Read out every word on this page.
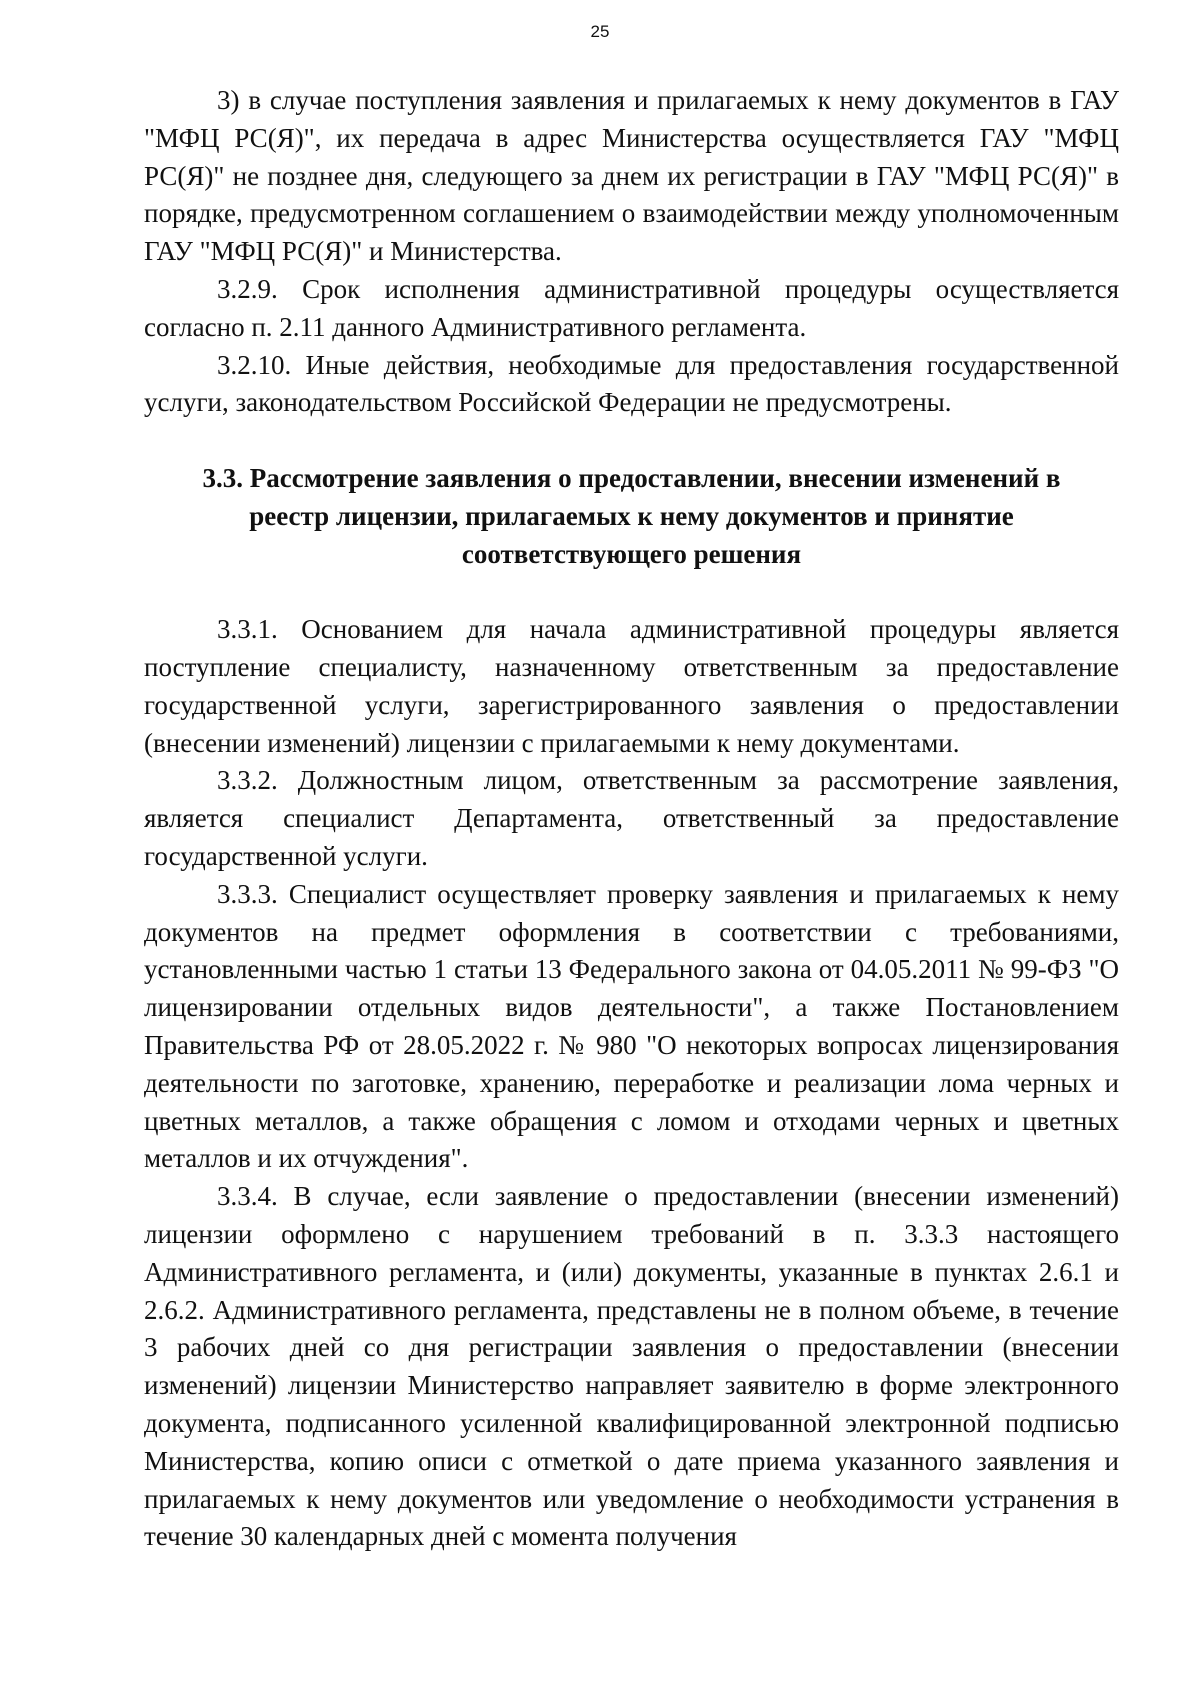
25

3) в случае поступления заявления и прилагаемых к нему документов в ГАУ "МФЦ РС(Я)", их передача в адрес Министерства осуществляется ГАУ "МФЦ РС(Я)" не позднее дня, следующего за днем их регистрации в ГАУ "МФЦ РС(Я)" в порядке, предусмотренном соглашением о взаимодействии между уполномоченным ГАУ "МФЦ РС(Я)" и Министерства.

3.2.9. Срок исполнения административной процедуры осуществляется согласно п. 2.11 данного Административного регламента.

3.2.10. Иные действия, необходимые для предоставления государственной услуги, законодательством Российской Федерации не предусмотрены.

3.3. Рассмотрение заявления о предоставлении, внесении изменений в реестр лицензии, прилагаемых к нему документов и принятие соответствующего решения

3.3.1. Основанием для начала административной процедуры является поступление специалисту, назначенному ответственным за предоставление государственной услуги, зарегистрированного заявления о предоставлении (внесении изменений) лицензии с прилагаемыми к нему документами.

3.3.2. Должностным лицом, ответственным за рассмотрение заявления, является специалист Департамента, ответственный за предоставление государственной услуги.

3.3.3. Специалист осуществляет проверку заявления и прилагаемых к нему документов на предмет оформления в соответствии с требованиями, установленными частью 1 статьи 13 Федерального закона от 04.05.2011 № 99-ФЗ "О лицензировании отдельных видов деятельности", а также Постановлением Правительства РФ от 28.05.2022 г. № 980 "О некоторых вопросах лицензирования деятельности по заготовке, хранению, переработке и реализации лома черных и цветных металлов, а также обращения с ломом и отходами черных и цветных металлов и их отчуждения".

3.3.4. В случае, если заявление о предоставлении (внесении изменений) лицензии оформлено с нарушением требований в п. 3.3.3 настоящего Административного регламента, и (или) документы, указанные в пунктах 2.6.1 и 2.6.2. Административного регламента, представлены не в полном объеме, в течение 3 рабочих дней со дня регистрации заявления о предоставлении (внесении изменений) лицензии Министерство направляет заявителю в форме электронного документа, подписанного усиленной квалифицированной электронной подписью Министерства, копию описи с отметкой о дате приема указанного заявления и прилагаемых к нему документов или уведомление о необходимости устранения в течение 30 календарных дней с момента получения
